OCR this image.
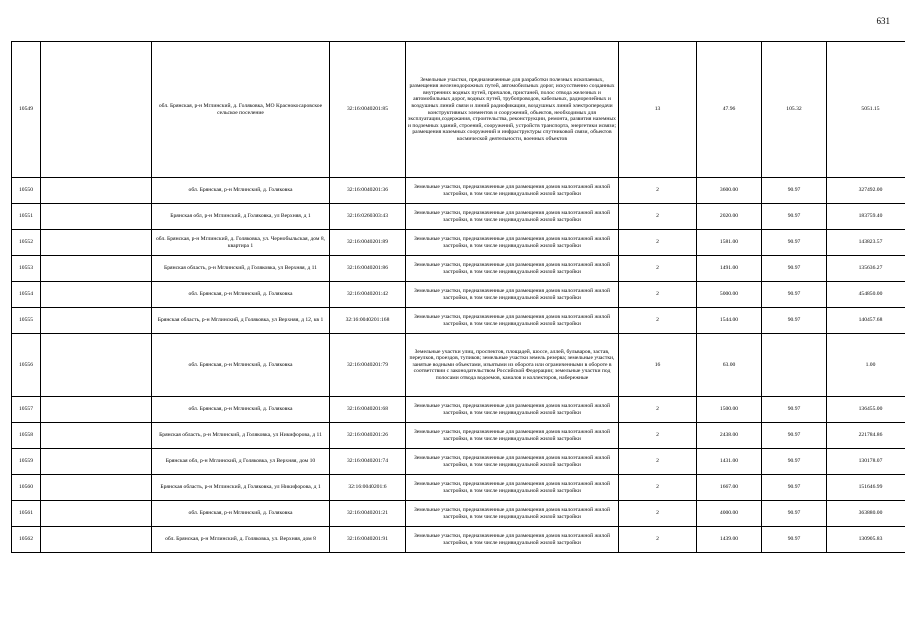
631
10549		обл. Брянская, р-н Мглинский, д. Голяковка, МО Краснокосаровское сельское поселение	32:16:0040201:85	Земельные участки, предназначенные для разработки полезных ископаемых, размещения железнодорожных путей, автомобильных дорог, искусственно созданных внутренних водных путей, причалов, пристаней, полос отвода железных и автомобильных дорог, водных путей, трубопроводов, кабельных, радиорелейных и воздушных линий связи и линий радиофикации, воздушных линий электропередачи конструктивных элементов и сооружений, объектов, необходимых для эксплуатации,содержания, строительства, реконструкции, ремонта, развития наземных и подземных зданий, строений, сооружений, устройств транспорта, энергетики исвязи; размещения наземных сооружений и инфраструктуры спутниковой связи, объектов космической деятельности, военных объектов	13	47.96	105.32	5051.15
10550		обл. Брянская, р-н Мглинский, д. Голяковка	32:16:0040201:36	Земельные участки, предназначенные для размещения домов малоэтажной жилой застройки, в том числе индивидуальной жилой застройки	2	3600.00	90.97	327492.00
10551		Брянская обл, р-н Мглинский, д Голяковка, ул Верхняя, д 1	32:16:0260303:43	Земельные участки, предназначенные для размещения домов малоэтажной жилой застройки, в том числе индивидуальной жилой застройки	2	2020.00	90.97	183759.40
10552		обл. Брянская, р-н Мглинский, д. Голяковка, ул. Чернобыльская, дом 8, квартира 1	32:16:0040201:89	Земельные участки, предназначенные для размещения домов малоэтажной жилой застройки, в том числе индивидуальной жилой застройки	2	1581.00	90.97	143823.57
10553		Брянская область, р-н Мглинский, д Голяковка, ул Верхняя, д 11	32:16:0040201:86	Земельные участки, предназначенные для размещения домов малоэтажной жилой застройки, в том числе индивидуальной жилой застройки	2	1491.00	90.97	135636.27
10554		обл. Брянская, р-н Мглинский, д. Голяковка	32:16:0040201:42	Земельные участки, предназначенные для размещения домов малоэтажной жилой застройки, в том числе индивидуальной жилой застройки	2	5000.00	90.97	454850.00
10555		Брянская область, р-н Мглинский, д Голяковка, ул Верхняя, д 12, кв 1	32:16:0040201:168	Земельные участки, предназначенные для размещения домов малоэтажной жилой застройки, в том числе индивидуальной жилой застройки	2	1544.00	90.97	140457.68
10556		обл. Брянская, р-н Мглинский, д. Голяковка	32:16:0040201:79	Земельные участки улиц, проспектов, площадей, шоссе, аллей, бульваров, застав, переулков, проездов, тупиков; земельные участки земель резерва; земельные участки, занятые водными объектами, изъятыми из оборота или ограниченными в обороте в соответствии с законодательством Российской Федерации; земельные участки под полосами отвода водоемов, каналов и коллекторов, набережные	16	63.00		1.00
10557		обл. Брянская, р-н Мглинский, д. Голяковка	32:16:0040201:68	Земельные участки, предназначенные для размещения домов малоэтажной жилой застройки, в том числе индивидуальной жилой застройки	2	1500.00	90.97	136455.00
10558		Брянская область, р-н Мглинский, д Голяковка, ул Никифорова, д 11	32:16:0040201:26	Земельные участки, предназначенные для размещения домов малоэтажной жилой застройки, в том числе индивидуальной жилой застройки	2	2438.00	90.97	221784.86
10559		Брянская обл, р-н Мглинский, д Голяковка, ул Верхняя, дом 10	32:16:0040201:74	Земельные участки, предназначенные для размещения домов малоэтажной жилой застройки, в том числе индивидуальной жилой застройки	2	1431.00	90.97	130178.07
10560		Брянская область, р-н Мглинский, д Голяковка, ул Никифорова, д 1	32:16:0040201:6	Земельные участки, предназначенные для размещения домов малоэтажной жилой застройки, в том числе индивидуальной жилой застройки	2	1667.00	90.97	151646.99
10561		обл. Брянская, р-н Мглинский, д. Голяковка	32:16:0040201:21	Земельные участки, предназначенные для размещения домов малоэтажной жилой застройки, в том числе индивидуальной жилой застройки	2	4000.00	90.97	363880.00
10562		обл. Брянская, р-н Мглинский, д. Голяковка, ул. Верхняя, дом 8	32:16:0040201:91	Земельные участки, предназначенные для размещения домов малоэтажной жилой застройки, в том числе индивидуальной жилой застройки	2	1439.00	90.97	130905.83
